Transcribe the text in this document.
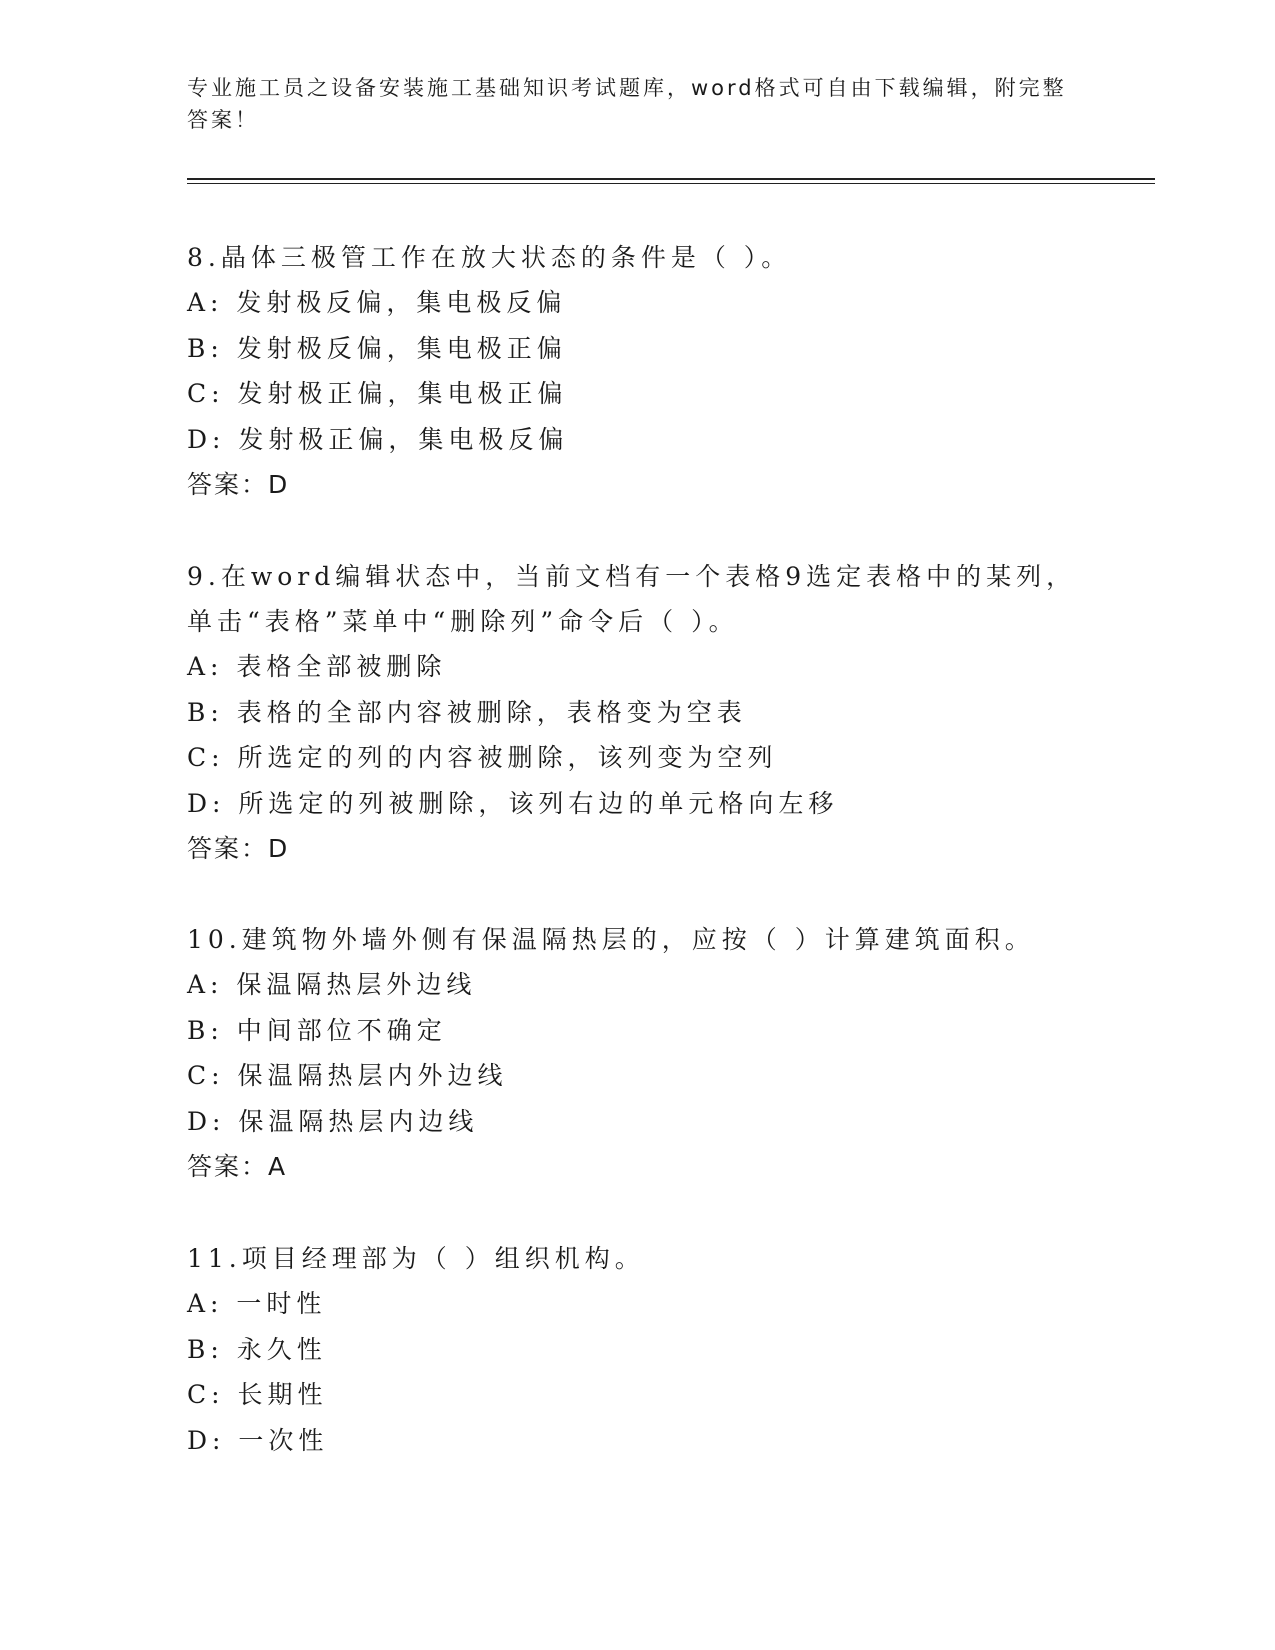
专业施工员之设备安装施工基础知识考试题库，word格式可自由下载编辑，附完整答案！
8.晶体三极管工作在放大状态的条件是（ ）。
A: 发射极反偏，集电极反偏
B: 发射极反偏，集电极正偏
C: 发射极正偏，集电极正偏
D: 发射极正偏，集电极反偏
答案：D
9.在word编辑状态中，当前文档有一个表格9选定表格中的某列，单击“表格”菜单中“删除列”命令后（ ）。
A: 表格全部被删除
B: 表格的全部内容被删除，表格变为空表
C: 所选定的列的内容被删除，该列变为空列
D: 所选定的列被删除，该列右边的单元格向左移
答案：D
10.建筑物外墙外侧有保温隔热层的，应按（ ）计算建筑面积。
A: 保温隔热层外边线
B: 中间部位不确定
C: 保温隔热层内外边线
D: 保温隔热层内边线
答案：A
11.项目经理部为（ ）组织机构。
A: 一时性
B: 永久性
C: 长期性
D: 一次性
